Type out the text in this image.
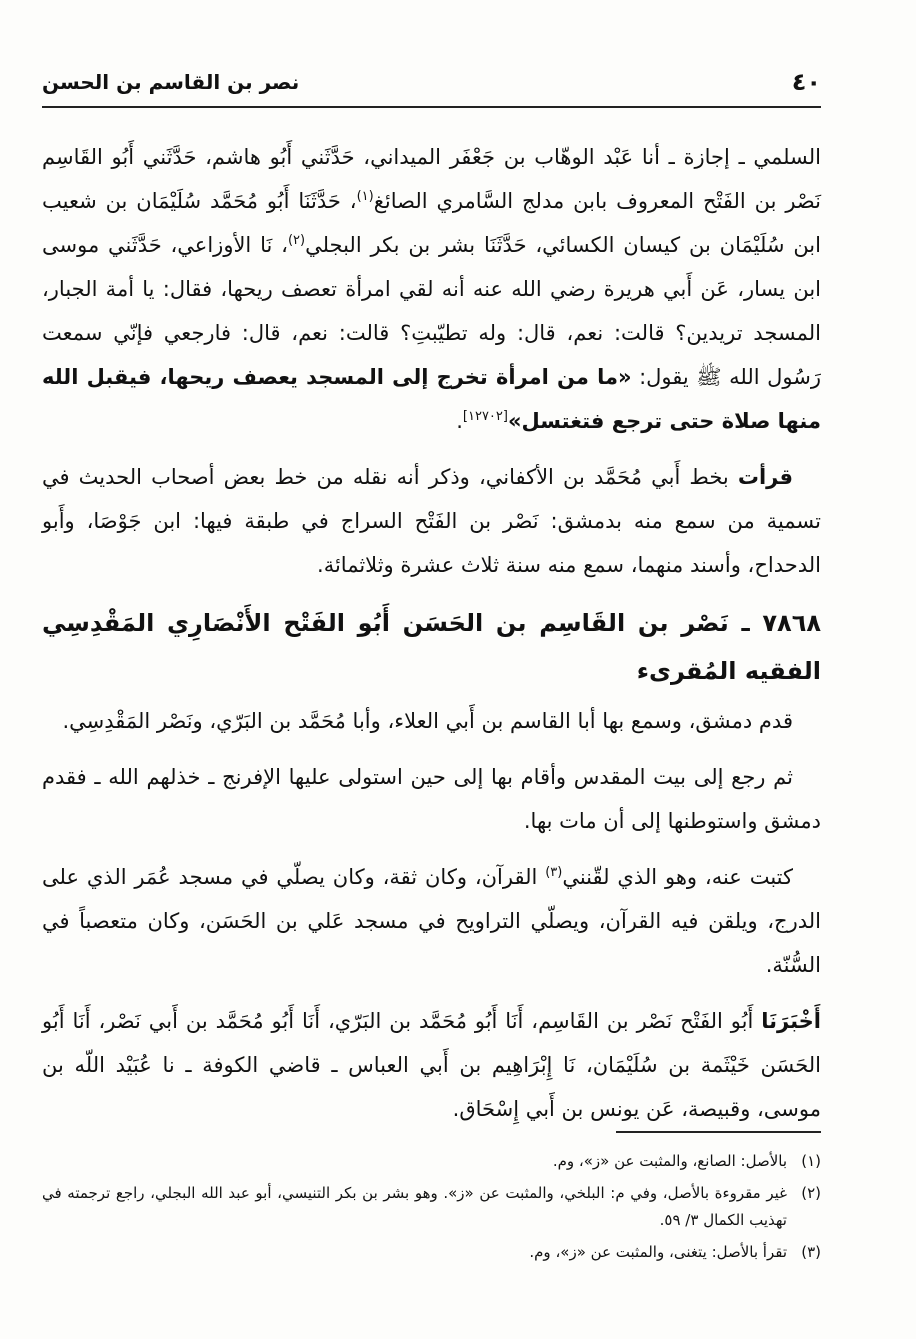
٤٠
نصر بن القاسم بن الحسن

السلمي ـ إجازة ـ أنا عَبْد الوهّاب بن جَعْفَر الميداني، حَدَّثَني أَبُو هاشم، حَدَّثَني أَبُو القَاسِم نَصْر بن الفَتْح المعروف بابن مدلج السَّامري الصائغ$^{(١)}$، حَدَّثَنَا أَبُو مُحَمَّد سُلَيْمَان بن شعيب ابن سُلَيْمَان بن كيسان الكسائي، حَدَّثَنَا بشر بن بكر البجلي$^{(٢)}$، نَا الأوزاعي، حَدَّثَني موسى ابن يسار، عَن أَبي هريرة رضي الله عنه أنه لقي امرأة تعصف ريحها، فقال: يا أمة الجبار، المسجد تريدين؟ قالت: نعم، قال: وله تطيّبتِ؟ قالت: نعم، قال: فارجعي فإنّي سمعت رَسُول الله ﷺ يقول: «ما من امرأة تخرج إلى المسجد يعصف ريحها، فيقبل الله منها صلاة حتى ترجع فتغتسل»[١٢٧٠٢].

قرأت بخط أَبي مُحَمَّد بن الأكفاني، وذكر أنه نقله من خط بعض أصحاب الحديث في تسمية من سمع منه بدمشق: نَصْر بن الفَتْح السراج في طبقة فيها: ابن جَوْصَا، وأَبو الدحداح، وأسند منهما، سمع منه سنة ثلاث عشرة وثلاثمائة.

٧٨٦٨ ـ نَصْر بن القَاسِم بن الحَسَن أَبُو الفَتْح الأَنْصَارِي المَقْدِسِي الفقيه المُقرىء

قدم دمشق، وسمع بها أبا القاسم بن أَبي العلاء، وأبا مُحَمَّد بن البَرّي، ونَصْر المَقْدِسِي.

ثم رجع إلى بيت المقدس وأقام بها إلى حين استولى عليها الإفرنج ـ خذلهم الله ـ فقدم دمشق واستوطنها إلى أن مات بها.

كتبت عنه، وهو الذي لقّنني$^{(٣)}$ القرآن، وكان ثقة، وكان يصلّي في مسجد عُمَر الذي على الدرج، ويلقن فيه القرآن، ويصلّي التراويح في مسجد عَلي بن الحَسَن، وكان متعصباً في السُّنّة.

أَخْبَرَنَا أَبُو الفَتْح نَصْر بن القَاسِم، أَنَا أَبُو مُحَمَّد بن البَرّي، أَنَا أَبُو مُحَمَّد بن أَبي نَصْر، أَنَا أَبُو الحَسَن خَيْثَمة بن سُلَيْمَان، نَا إِبْرَاهِيم بن أَبي العباس ـ قاضي الكوفة ـ نا عُبَيْد اللّه بن موسى، وقبيصة، عَن يونس بن أَبي إِسْحَاق.

(١)
بالأصل: الصانع، والمثبت عن «ز»، وم.
(٢)
غير مقروءة بالأصل، وفي م: البلخي، والمثبت عن «ز». وهو بشر بن بكر التنيسي، أبو عبد الله البجلي، راجع ترجمته في تهذيب الكمال ٣/ ٥٩.
(٣)
تقرأ بالأصل: يتغنى، والمثبت عن «ز»، وم.
